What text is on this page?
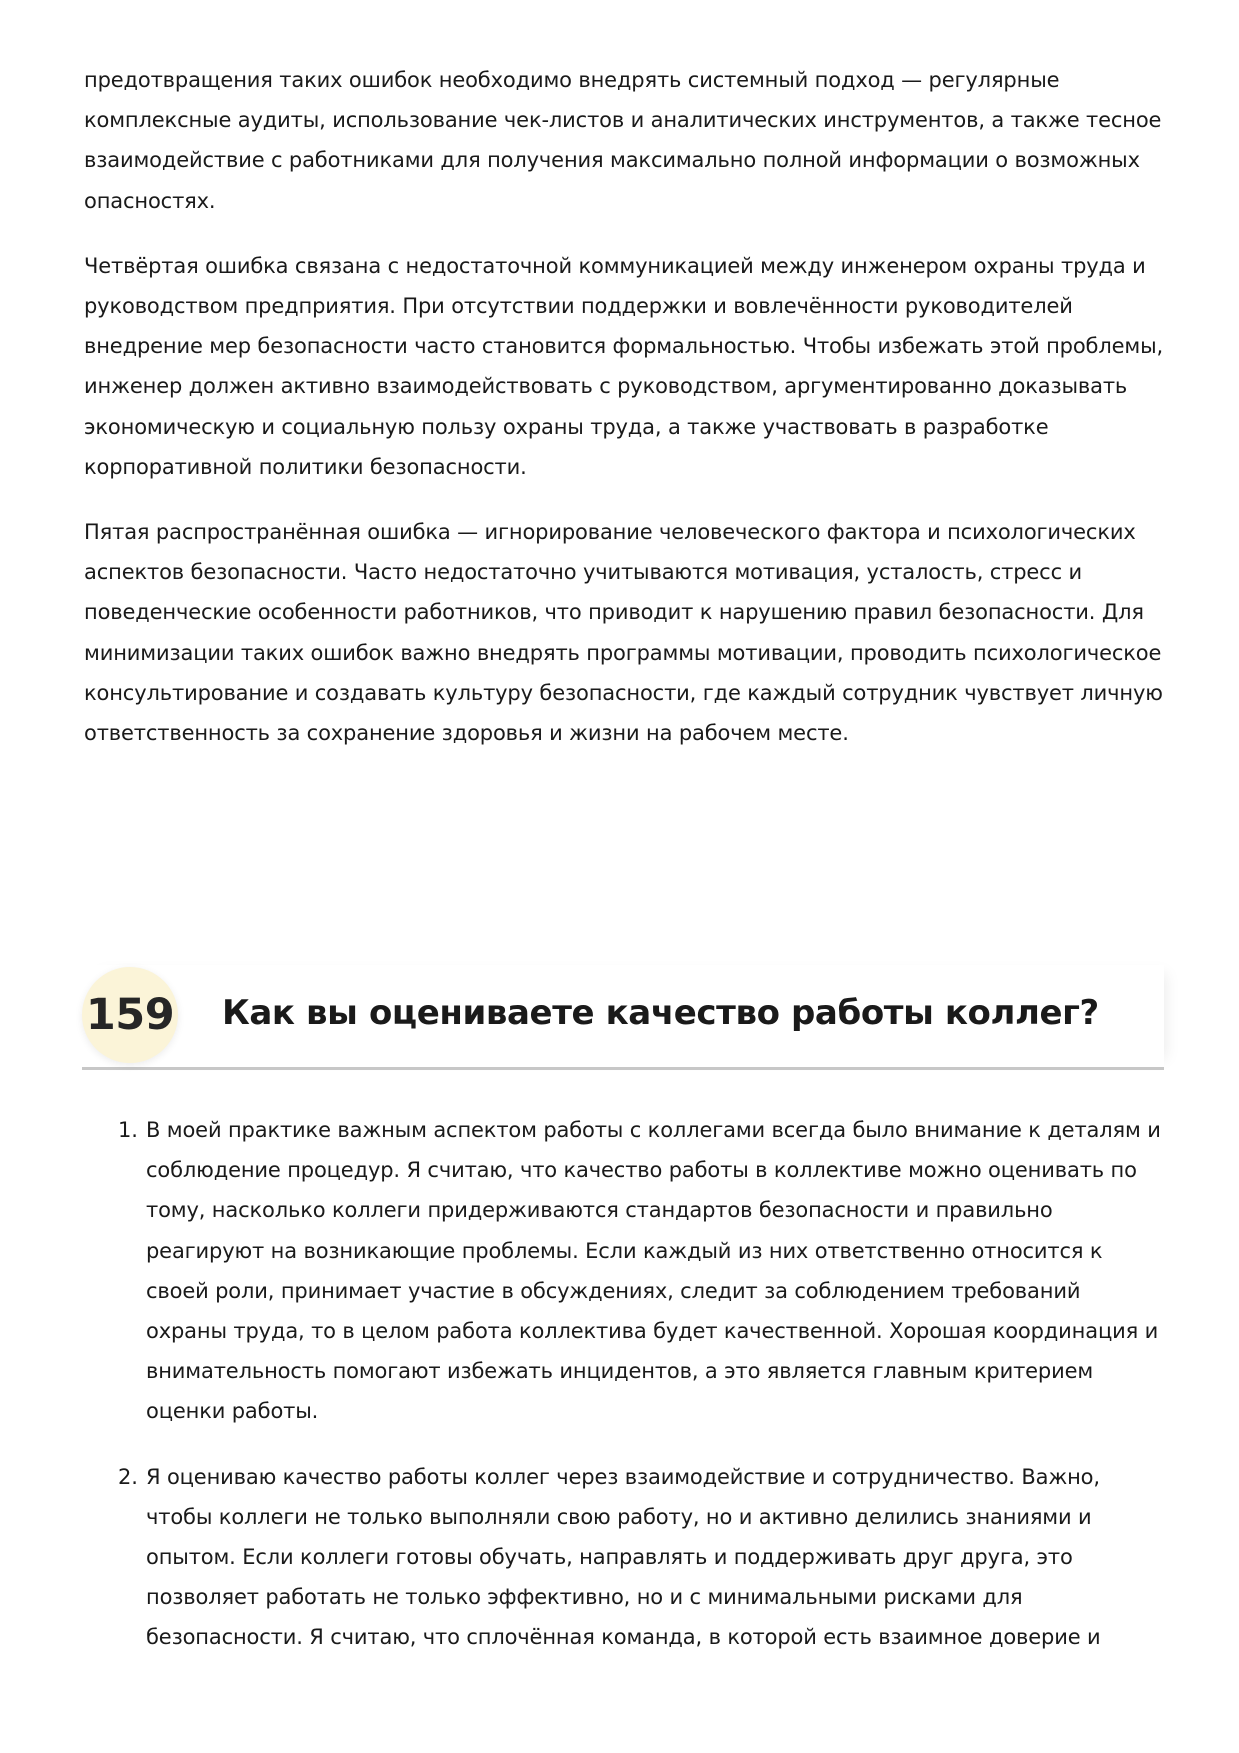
предотвращения таких ошибок необходимо внедрять системный подход — регулярные комплексные аудиты, использование чек-листов и аналитических инструментов, а также тесное взаимодействие с работниками для получения максимально полной информации о возможных опасностях.

Четвёртая ошибка связана с недостаточной коммуникацией между инженером охраны труда и руководством предприятия. При отсутствии поддержки и вовлечённости руководителей внедрение мер безопасности часто становится формальностью. Чтобы избежать этой проблемы, инженер должен активно взаимодействовать с руководством, аргументированно доказывать экономическую и социальную пользу охраны труда, а также участвовать в разработке корпоративной политики безопасности.

Пятая распространённая ошибка — игнорирование человеческого фактора и психологических аспектов безопасности. Часто недостаточно учитываются мотивация, усталость, стресс и поведенческие особенности работников, что приводит к нарушению правил безопасности. Для минимизации таких ошибок важно внедрять программы мотивации, проводить психологическое консультирование и создавать культуру безопасности, где каждый сотрудник чувствует личную ответственность за сохранение здоровья и жизни на рабочем месте.

159 Как вы оцениваете качество работы коллег?
1. В моей практике важным аспектом работы с коллегами всегда было внимание к деталям и соблюдение процедур. Я считаю, что качество работы в коллективе можно оценивать по тому, насколько коллеги придерживаются стандартов безопасности и правильно реагируют на возникающие проблемы. Если каждый из них ответственно относится к своей роли, принимает участие в обсуждениях, следит за соблюдением требований охраны труда, то в целом работа коллектива будет качественной. Хорошая координация и внимательность помогают избежать инцидентов, а это является главным критерием оценки работы.
2. Я оцениваю качество работы коллег через взаимодействие и сотрудничество. Важно, чтобы коллеги не только выполняли свою работу, но и активно делились знаниями и опытом. Если коллеги готовы обучать, направлять и поддерживать друг друга, это позволяет работать не только эффективно, но и с минимальными рисками для безопасности. Я считаю, что сплочённая команда, в которой есть взаимное доверие и
